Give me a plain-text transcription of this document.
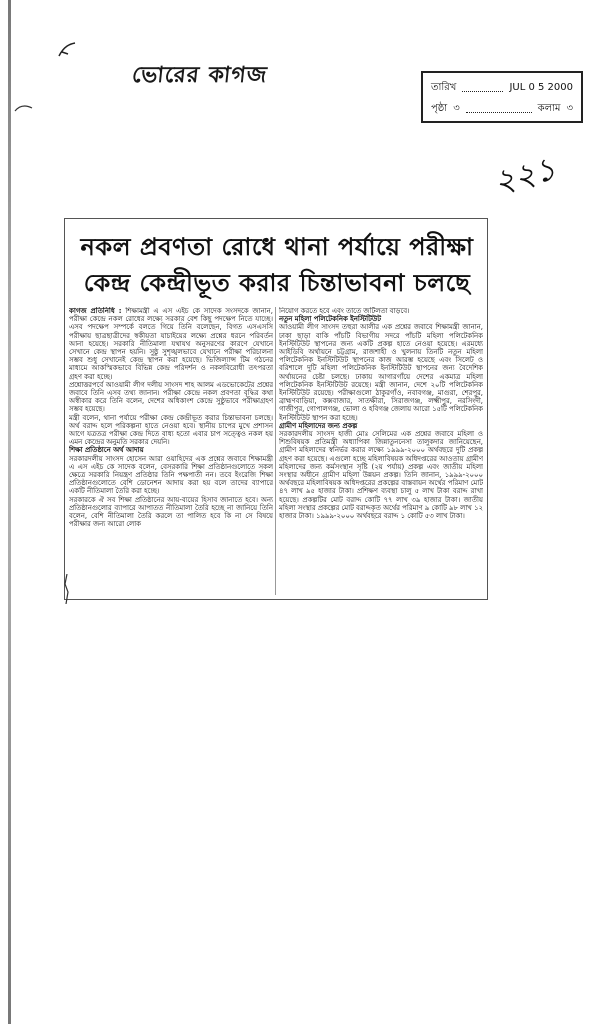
ভোরের কাগজ	তারিখ	JUL 0 5 2000
পৃষ্ঠা ৩	কলাম ৩
২২১
নকল প্রবণতা রোধে থানা পর্যায়ে পরীক্ষা
কেন্দ্র কেন্দ্রীভূত করার চিন্তাভাবনা চলছে
কাগজ প্রতিনিধি : শিক্ষামন্ত্রী এ এস এইচ কে সাদেক সংসদকে জানান, পরীক্ষা কেন্দ্রে নকল রোধের লক্ষ্যে সরকার বেশ কিছু পদক্ষেপ নিতে যাচ্ছে। এসব পদক্ষেপ সম্পর্কে বলতে গিয়ে তিনি বলেছেন, বিগত এসএসসি পরীক্ষায় ছাত্রছাত্রীদের স্বকীয়তা যাচাইয়ের লক্ষ্যে প্রশ্নের ধরনে পরিবর্তন আনা হয়েছে। সরকারি নীতিমালা যথাযথ অনুসরণের কারণে যেখানে সেখানে কেন্দ্র স্থাপন হয়নি। সুষ্ঠু সুশৃঙ্খলভাবে যেখানে পরীক্ষা পরিচালনা সম্ভব শুধু সেখানেই কেন্দ্র স্থাপন করা হয়েছে। ভিজিল্যান্স টিম গঠনের মাধ্যমে আকস্মিকভাবে বিভিন্ন কেন্দ্র পরিদর্শন ও নকলবিরোধী তৎপরতা গ্রহণ করা হচ্ছে।
প্রশ্নোত্তরপর্বে আওয়ামী লীগ দলীয় সাংসদ শাহ আলম এডভোকেটের প্রশ্নের জবাবে তিনি এসব তথ্য জানান। পরীক্ষা কেন্দ্রে নকল প্রবণতা বৃদ্ধির কথা অস্বীকার করে তিনি বলেন, দেশের অধিকাংশ কেন্দ্রে সুষ্ঠুভাবে পরীক্ষাগ্রহণ সম্ভব হয়েছে।
মন্ত্রী বলেন, থানা পর্যায়ে পরীক্ষা কেন্দ্র কেন্দ্রীভূত করার চিন্তাভাবনা চলছে। অর্থ বরাদ্দ হলে পরিকল্পনা হাতে নেওয়া হবে। স্থানীয় চাপের মুখে প্রশাসন আগে যত্রতত্র পরীক্ষা কেন্দ্র দিতে বাধ্য হতো এবার চাপ সত্ত্বেও নকল হয় এমন কেন্দ্রের অনুমতি সরকার দেয়নি।
শিক্ষা প্রতিষ্ঠানে অর্থ আদায়
সরকারদলীয় সাংসদ হোসেন আরা ওয়াহিদের এক প্রশ্নের জবাবে শিক্ষামন্ত্রী এ এস এইচ কে সাদেক বলেন, বেসরকারি শিক্ষা প্রতিষ্ঠানগুলোতে সকল ক্ষেত্রে সরকারি নিয়ন্ত্রণ প্রতিষ্ঠার তিনি পক্ষপাতী নন। তবে ইংরেজি শিক্ষা প্রতিষ্ঠানগুলোতে বেশি ডোনেশন আদায় করা হয় বলে তাদের ব্যাপারে একটি নীতিমালা তৈরি করা হচ্ছে।
সরকারকে ঐ সব শিক্ষা প্রতিষ্ঠানের আয়-ব্যয়ের হিসাব জানাতে হবে। অন্য প্রতিষ্ঠানগুলোর ব্যাপারে আপাতত নীতিমালা তৈরি হচ্ছে না জানিয়ে তিনি বলেন, বেশি নীতিমালা তৈরি করলে তা পালিত হবে কি না সে বিষয়ে পরীক্ষার জন্য আরো লোক
নিয়োগ করতে হবে এবং তাতে জটিলতা বাড়বে।
নতুন মহিলা পলিটেকনিক ইনস্টিটিউট
আওয়ামী লীগ সাংসদ তহুরা আলীর এক প্রশ্নের জবাবে শিক্ষামন্ত্রী জানান, ঢাকা ছাড়া বাকি পাঁচটি বিভাগীয় সদরে পাঁচটি মহিলা পলিটেকনিক ইনস্টিটিউট স্থাপনের জন্য একটি প্রকল্প হাতে নেওয়া হয়েছে। এরমধ্যে আইডিবি অর্থায়নে চট্টগ্রাম, রাজশাহী ও খুলনায় তিনটি নতুন মহিলা পলিটেকনিক ইনস্টিটিউট স্থাপনের কাজ আরম্ভ হয়েছে এবং সিলেট ও বরিশালে দুটি মহিলা পলিটেকনিক ইনস্টিটিউট স্থাপনের জন্য বৈদেশিক অর্থায়নের চেষ্টা চলছে। ঢাকায় আগারগাঁয়ে দেশের একমাত্র মহিলা পলিটেকনিক ইনস্টিটিউট রয়েছে। মন্ত্রী জানান, দেশে ২০টি পলিটেকনিক ইনস্টিটিউট রয়েছে। পরীক্ষাগুলো ঠাকুরগাঁও, নবাবগঞ্জ, মাগুরা, শেরপুর, ব্রাহ্মণবাড়িয়া, কক্সবাজার, সাতক্ষীরা, সিরাজগঞ্জ, লক্ষ্মীপুর, নরসিংদী, গাজীপুর, গোপালগঞ্জ, ভোলা ও হবিগঞ্জ জেলায় আরো ১৫টি পলিটেকনিক ইনস্টিটিউট স্থাপন করা হচ্ছে।
গ্রামীণ মহিলাদের জন্য প্রকল্প
সরকারদলীয় সাংসদ হাজী মোঃ সেলিমের এক প্রশ্নের জবাবে মহিলা ও শিশুবিষয়ক প্রতিমন্ত্রী অধ্যাপিকা জিন্নাতুননেসা তালুকদার জানিয়েছেন, গ্রামীণ মহিলাদের স্বনির্ভর করার লক্ষ্যে ১৯৯৯-২০০০ অর্থবছরে দুটি প্রকল্প গ্রহণ করা হয়েছে। এগুলো হচ্ছে মহিলাবিষয়ক অধিদপ্তরের আওতায় গ্রামীণ মহিলাদের জন্য কর্মসংস্থান সৃষ্টি (২য় পর্যায়) প্রকল্প এবং জাতীয় মহিলা সংস্থার অধীনে গ্রামীণ মহিলা উন্নয়ন প্রকল্প। তিনি জানান, ১৯৯৯-২০০০ অর্থবছরে মহিলাবিষয়ক অধিদপ্তরের প্রকল্পের বাস্তবায়ন অর্থের পরিমাণ মোট ৪৭ লাখ ৯৫ হাজার টাকা। প্রশিক্ষণ ব্যবস্থা চালু ৫ লাখ টাকা বরাদ্দ রাখা হয়েছে। প্রকল্পটির মোট বরাদ্দ কোটি ৭৭ লাখ ৩৯ হাজার টাকা। জাতীয় মহিলা সংস্থার প্রকল্পের মোট বরাদ্দকৃত অর্থের পরিমাণ ৯ কোটি ৯৮ লাখ ১২ হাজার টাকা। ১৯৯৯-২০০০ অর্থবছরে বরাদ্দ ১ কোটি ৫৩ লাখ টাকা।
